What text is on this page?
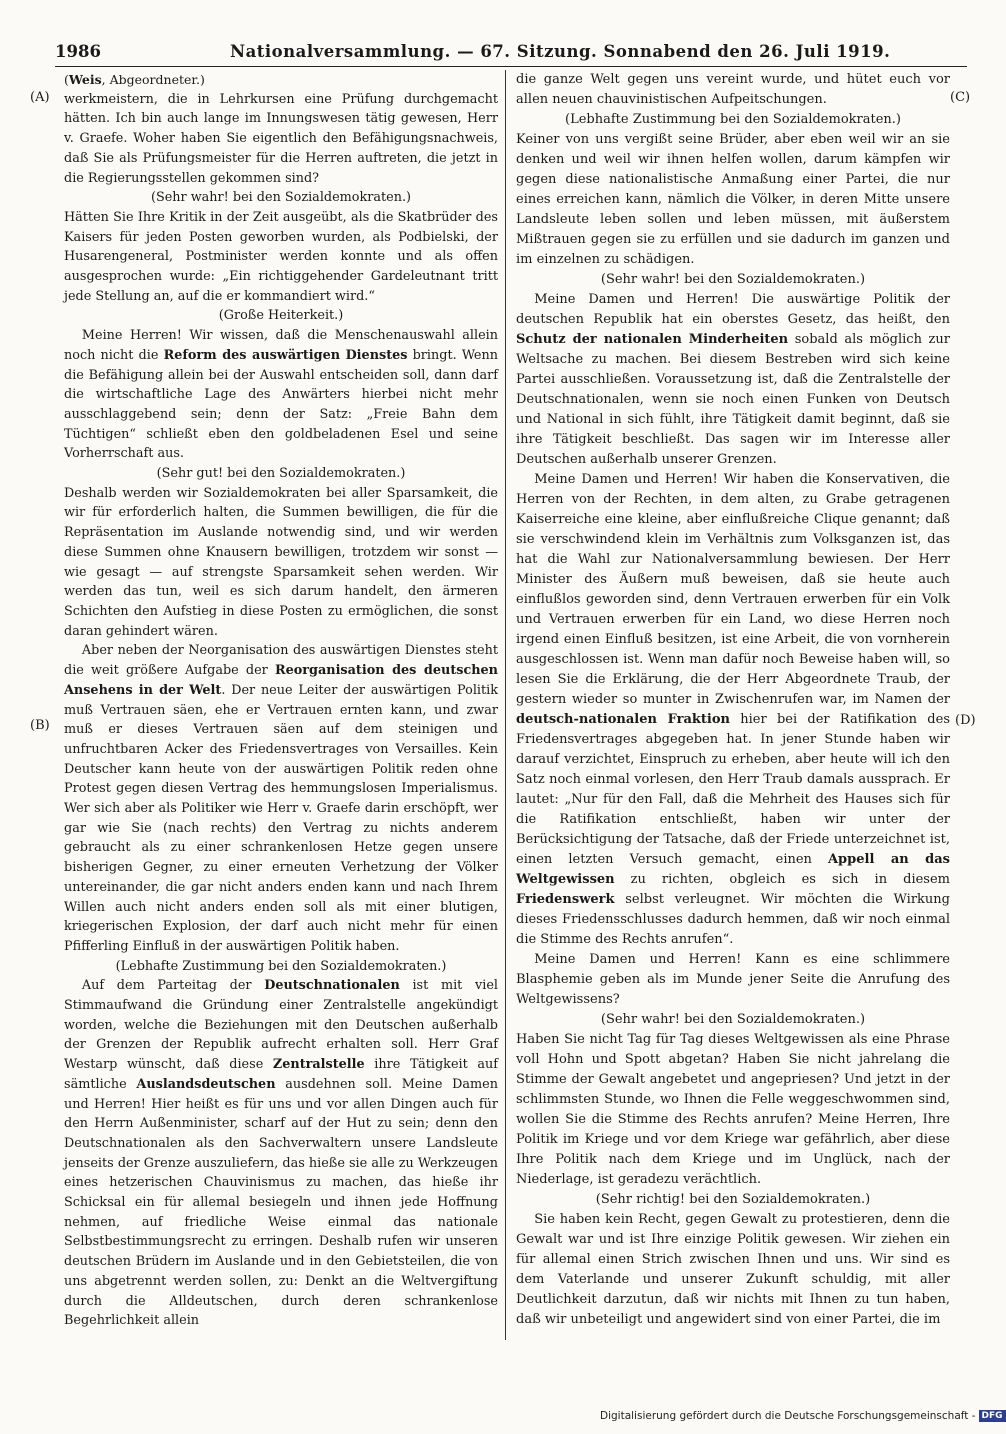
1986	Nationalversammlung. — 67. Sitzung. Sonnabend den 26. Juli 1919.
(A)
(B)
(C)
(D)

(Weis, Abgeordneter.)

werkmeistern, die in Lehrkursen eine Prüfung durchgemacht hätten. Ich bin auch lange im Innungswesen tätig gewesen, Herr v. Graefe. Woher haben Sie eigentlich den Befähigungsnachweis, daß Sie als Prüfungsmeister für die Herren auftreten, die jetzt in die Regierungsstellen gekommen sind?

(Sehr wahr! bei den Sozialdemokraten.)

Hätten Sie Ihre Kritik in der Zeit ausgeübt, als die Skatbrüder des Kaisers für jeden Posten geworben wurden, als Podbielski, der Husarengeneral, Postminister werden konnte und als offen ausgesprochen wurde: „Ein richtiggehender Gardeleutnant tritt jede Stellung an, auf die er kommandiert wird.“

(Große Heiterkeit.)

Meine Herren! Wir wissen, daß die Menschenauswahl allein noch nicht die Reform des auswärtigen Dienstes bringt. Wenn die Befähigung allein bei der Auswahl entscheiden soll, dann darf die wirtschaftliche Lage des Anwärters hierbei nicht mehr ausschlaggebend sein; denn der Satz: „Freie Bahn dem Tüchtigen“ schließt eben den goldbeladenen Esel und seine Vorherrschaft aus.

(Sehr gut! bei den Sozialdemokraten.)

Deshalb werden wir Sozialdemokraten bei aller Sparsamkeit, die wir für erforderlich halten, die Summen bewilligen, die für die Repräsentation im Auslande notwendig sind, und wir werden diese Summen ohne Knausern bewilligen, trotzdem wir sonst — wie gesagt — auf strengste Sparsamkeit sehen werden. Wir werden das tun, weil es sich darum handelt, den ärmeren Schichten den Aufstieg in diese Posten zu ermöglichen, die sonst daran gehindert wären.

Aber neben der Neorganisation des auswärtigen Dienstes steht die weit größere Aufgabe der Reorganisation des deutschen Ansehens in der Welt. Der neue Leiter der auswärtigen Politik muß Vertrauen säen, ehe er Vertrauen ernten kann, und zwar muß er dieses Vertrauen säen auf dem steinigen und unfruchtbaren Acker des Friedensvertrages von Versailles. Kein Deutscher kann heute von der auswärtigen Politik reden ohne Protest gegen diesen Vertrag des hemmungslosen Imperialismus. Wer sich aber als Politiker wie Herr v. Graefe darin erschöpft, wer gar wie Sie (nach rechts) den Vertrag zu nichts anderem gebraucht als zu einer schrankenlosen Hetze gegen unsere bisherigen Gegner, zu einer erneuten Verhetzung der Völker untereinander, die gar nicht anders enden kann und nach Ihrem Willen auch nicht anders enden soll als mit einer blutigen, kriegerischen Explosion, der darf auch nicht mehr für einen Pfifferling Einfluß in der auswärtigen Politik haben.

(Lebhafte Zustimmung bei den Sozialdemokraten.)

Auf dem Parteitag der Deutschnationalen ist mit viel Stimmaufwand die Gründung einer Zentralstelle angekündigt worden, welche die Beziehungen mit den Deutschen außerhalb der Grenzen der Republik aufrecht erhalten soll. Herr Graf Westarp wünscht, daß diese Zentralstelle ihre Tätigkeit auf sämtliche Auslandsdeutschen ausdehnen soll. Meine Damen und Herren! Hier heißt es für uns und vor allen Dingen auch für den Herrn Außenminister, scharf auf der Hut zu sein; denn den Deutschnationalen als den Sachverwaltern unsere Landsleute jenseits der Grenze auszuliefern, das hieße sie alle zu Werkzeugen eines hetzerischen Chauvinismus zu machen, das hieße ihr Schicksal ein für allemal besiegeln und ihnen jede Hoffnung nehmen, auf friedliche Weise einmal das nationale Selbstbestimmungsrecht zu erringen. Deshalb rufen wir unseren deutschen Brüdern im Auslande und in den Gebietsteilen, die von uns abgetrennt werden sollen, zu: Denkt an die Weltvergiftung durch die Alldeutschen, durch deren schrankenlose Begehrlichkeit allein

die ganze Welt gegen uns vereint wurde, und hütet euch vor allen neuen chauvinistischen Aufpeitschungen.

(Lebhafte Zustimmung bei den Sozialdemokraten.)

Keiner von uns vergißt seine Brüder, aber eben weil wir an sie denken und weil wir ihnen helfen wollen, darum kämpfen wir gegen diese nationalistische Anmaßung einer Partei, die nur eines erreichen kann, nämlich die Völker, in deren Mitte unsere Landsleute leben sollen und leben müssen, mit äußerstem Mißtrauen gegen sie zu erfüllen und sie dadurch im ganzen und im einzelnen zu schädigen.

(Sehr wahr! bei den Sozialdemokraten.)

Meine Damen und Herren! Die auswärtige Politik der deutschen Republik hat ein oberstes Gesetz, das heißt, den Schutz der nationalen Minderheiten sobald als möglich zur Weltsache zu machen. Bei diesem Bestreben wird sich keine Partei ausschließen. Voraussetzung ist, daß die Zentralstelle der Deutschnationalen, wenn sie noch einen Funken von Deutsch und National in sich fühlt, ihre Tätigkeit damit beginnt, daß sie ihre Tätigkeit beschließt. Das sagen wir im Interesse aller Deutschen außerhalb unserer Grenzen.

Meine Damen und Herren! Wir haben die Konservativen, die Herren von der Rechten, in dem alten, zu Grabe getragenen Kaiserreiche eine kleine, aber einflußreiche Clique genannt; daß sie verschwindend klein im Verhältnis zum Volksganzen ist, das hat die Wahl zur Nationalversammlung bewiesen. Der Herr Minister des Äußern muß beweisen, daß sie heute auch einflußlos geworden sind, denn Vertrauen erwerben für ein Volk und Vertrauen erwerben für ein Land, wo diese Herren noch irgend einen Einfluß besitzen, ist eine Arbeit, die von vornherein ausgeschlossen ist. Wenn man dafür noch Beweise haben will, so lesen Sie die Erklärung, die der Herr Abgeordnete Traub, der gestern wieder so munter in Zwischenrufen war, im Namen der deutsch-nationalen Fraktion hier bei der Ratifikation des Friedensvertrages abgegeben hat. In jener Stunde haben wir darauf verzichtet, Einspruch zu erheben, aber heute will ich den Satz noch einmal vorlesen, den Herr Traub damals aussprach. Er lautet: „Nur für den Fall, daß die Mehrheit des Hauses sich für die Ratifikation entschließt, haben wir unter der Berücksichtigung der Tatsache, daß der Friede unterzeichnet ist, einen letzten Versuch gemacht, einen Appell an das Weltgewissen zu richten, obgleich es sich in diesem Friedenswerk selbst verleugnet. Wir möchten die Wirkung dieses Friedensschlusses dadurch hemmen, daß wir noch einmal die Stimme des Rechts anrufen“.

Meine Damen und Herren! Kann es eine schlimmere Blasphemie geben als im Munde jener Seite die Anrufung des Weltgewissens?

(Sehr wahr! bei den Sozialdemokraten.)

Haben Sie nicht Tag für Tag dieses Weltgewissen als eine Phrase voll Hohn und Spott abgetan? Haben Sie nicht jahrelang die Stimme der Gewalt angebetet und angepriesen? Und jetzt in der schlimmsten Stunde, wo Ihnen die Felle weggeschwommen sind, wollen Sie die Stimme des Rechts anrufen? Meine Herren, Ihre Politik im Kriege und vor dem Kriege war gefährlich, aber diese Ihre Politik nach dem Kriege und im Unglück, nach der Niederlage, ist geradezu verächtlich.

(Sehr richtig! bei den Sozialdemokraten.)

Sie haben kein Recht, gegen Gewalt zu protestieren, denn die Gewalt war und ist Ihre einzige Politik gewesen. Wir ziehen ein für allemal einen Strich zwischen Ihnen und uns. Wir sind es dem Vaterlande und unserer Zukunft schuldig, mit aller Deutlichkeit darzutun, daß wir nichts mit Ihnen zu tun haben, daß wir unbeteiligt und angewidert sind von einer Partei, die im

Digitalisierung gefördert durch die Deutsche Forschungsgemeinschaft - DFG
